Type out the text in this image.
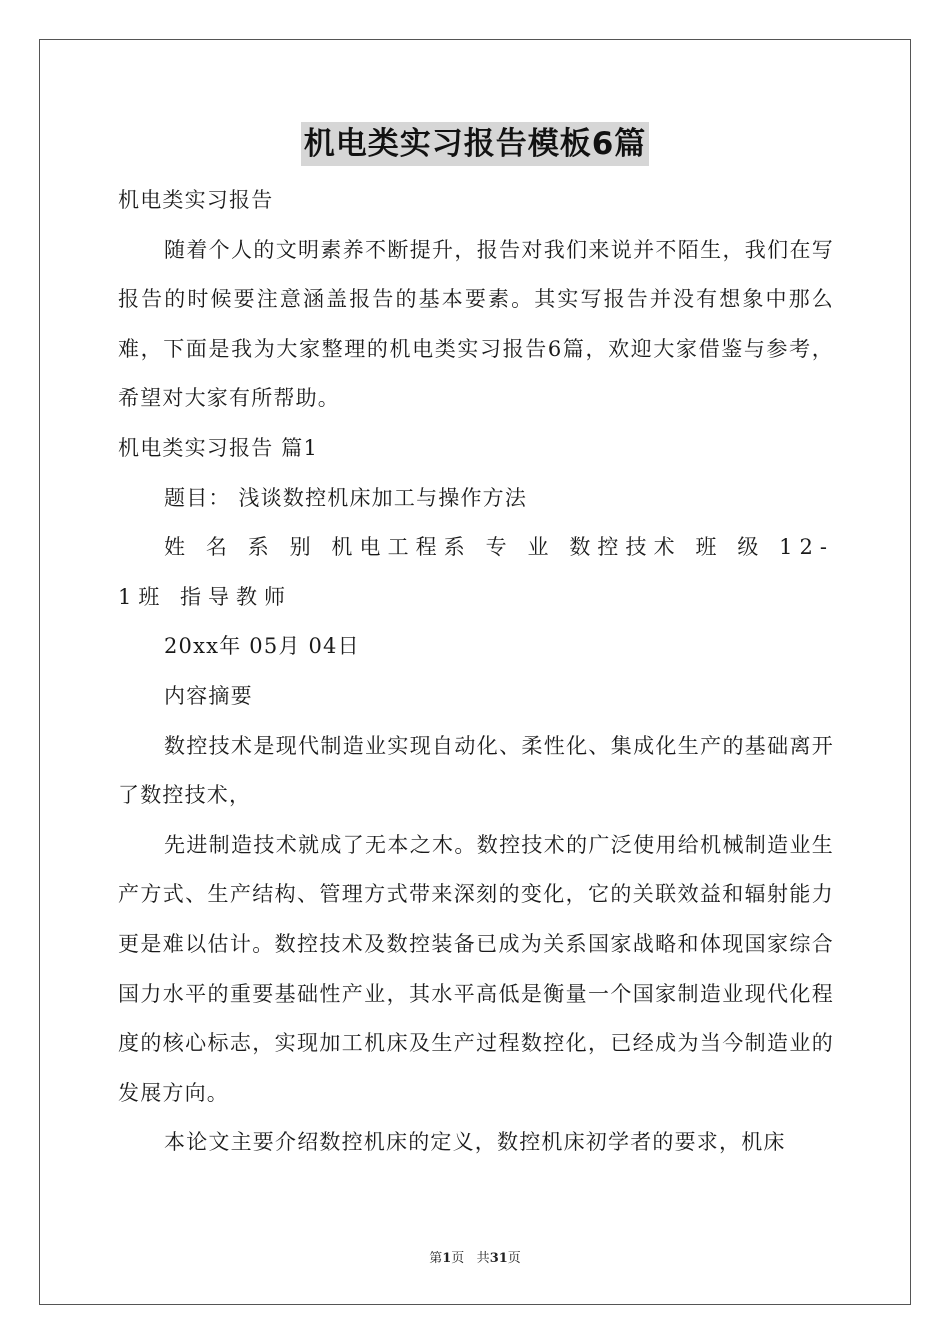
机电类实习报告模板6篇

机电类实习报告

随着个人的文明素养不断提升，报告对我们来说并不陌生，我们在写报告的时候要注意涵盖报告的基本要素。其实写报告并没有想象中那么难，下面是我为大家整理的机电类实习报告6篇，欢迎大家借鉴与参考，希望对大家有所帮助。

机电类实习报告 篇1

题目： 浅谈数控机床加工与操作方法

姓 名 系 别 机电工程系 专 业 数控技术 班 级 12-1班 指导教师

20xx年 05月 04日

内容摘要

数控技术是现代制造业实现自动化、柔性化、集成化生产的基础离开了数控技术，

先进制造技术就成了无本之木。数控技术的广泛使用给机械制造业生产方式、生产结构、管理方式带来深刻的变化，它的关联效益和辐射能力更是难以估计。数控技术及数控装备已成为关系国家战略和体现国家综合国力水平的重要基础性产业，其水平高低是衡量一个国家制造业现代化程度的核心标志，实现加工机床及生产过程数控化，已经成为当今制造业的发展方向。

本论文主要介绍数控机床的定义，数控机床初学者的要求，机床

第1页 共31页
